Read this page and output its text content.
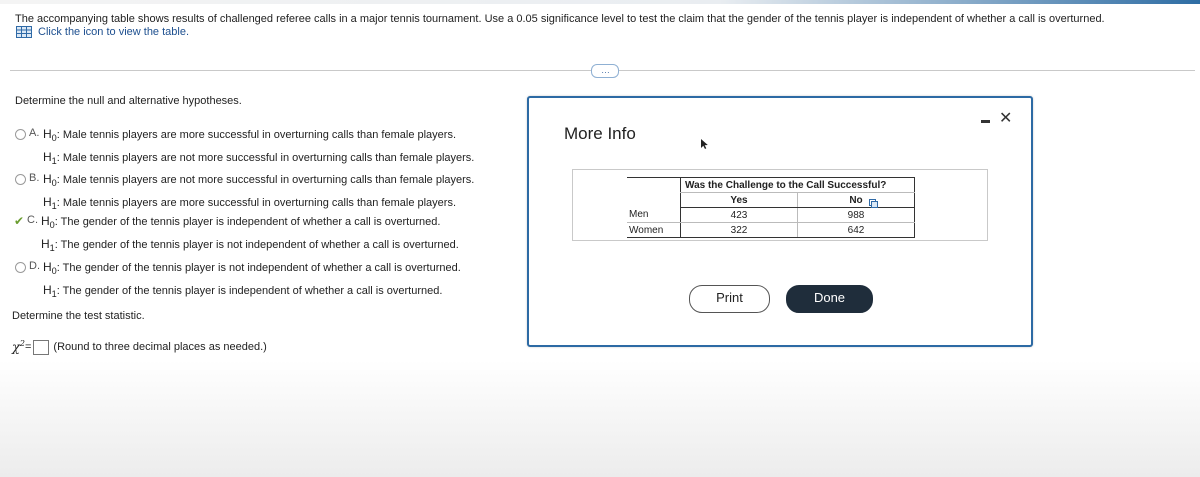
The accompanying table shows results of challenged referee calls in a major tennis tournament. Use a 0.05 significance level to test the claim that the gender of the tennis player is independent of whether a call is overturned.
Click the icon to view the table.
…
Determine the null and alternative hypotheses.
A. $H_0$: Male tennis players are more successful in overturning calls than female players.
$H_1$: Male tennis players are not more successful in overturning calls than female players.
B. $H_0$: Male tennis players are not more successful in overturning calls than female players.
$H_1$: Male tennis players are more successful in overturning calls than female players.
✔ C. $H_0$: The gender of the tennis player is independent of whether a call is overturned.
$H_1$: The gender of the tennis player is not independent of whether a call is overturned.
D. $H_0$: The gender of the tennis player is not independent of whether a call is overturned.
$H_1$: The gender of the tennis player is independent of whether a call is overturned.
Determine the test statistic.
$\chi^2$ = (Round to three decimal places as needed.)
More Info
✕
	Was the Challenge to the Call Successful?	
	Yes	No
Men	423	988
Women	322	642
Print	Done
